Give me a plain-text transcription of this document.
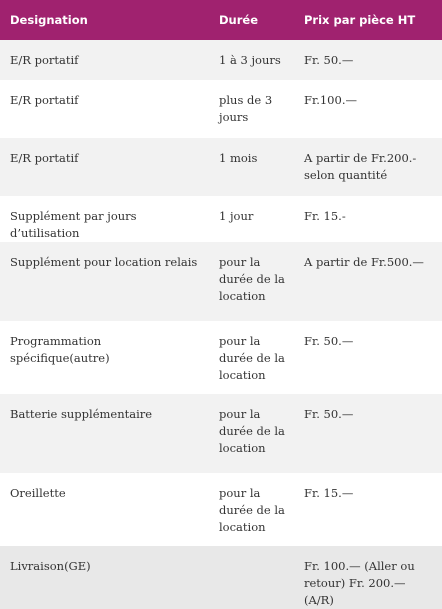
Designation	Durée	Prix par pièce HT
E/R portatif	1 à 3 jours	Fr. 50.—
E/R portatif	plus de 3 jours	Fr.100.—
E/R portatif	1 mois	A partir de Fr.200.- selon quantité
Supplément par jours d’utilisation	1 jour	Fr. 15.-
Supplément pour location relais	pour la durée de la location	A partir de Fr.500.—
Programmation spécifique(autre)	pour la durée de la location	Fr. 50.—
Batterie supplémentaire	pour la durée de la location	Fr. 50.—
Oreillette	pour la durée de la location	Fr. 15.—
Livraison(GE)		Fr. 100.— (Aller ou retour) Fr. 200.— (A/R)
